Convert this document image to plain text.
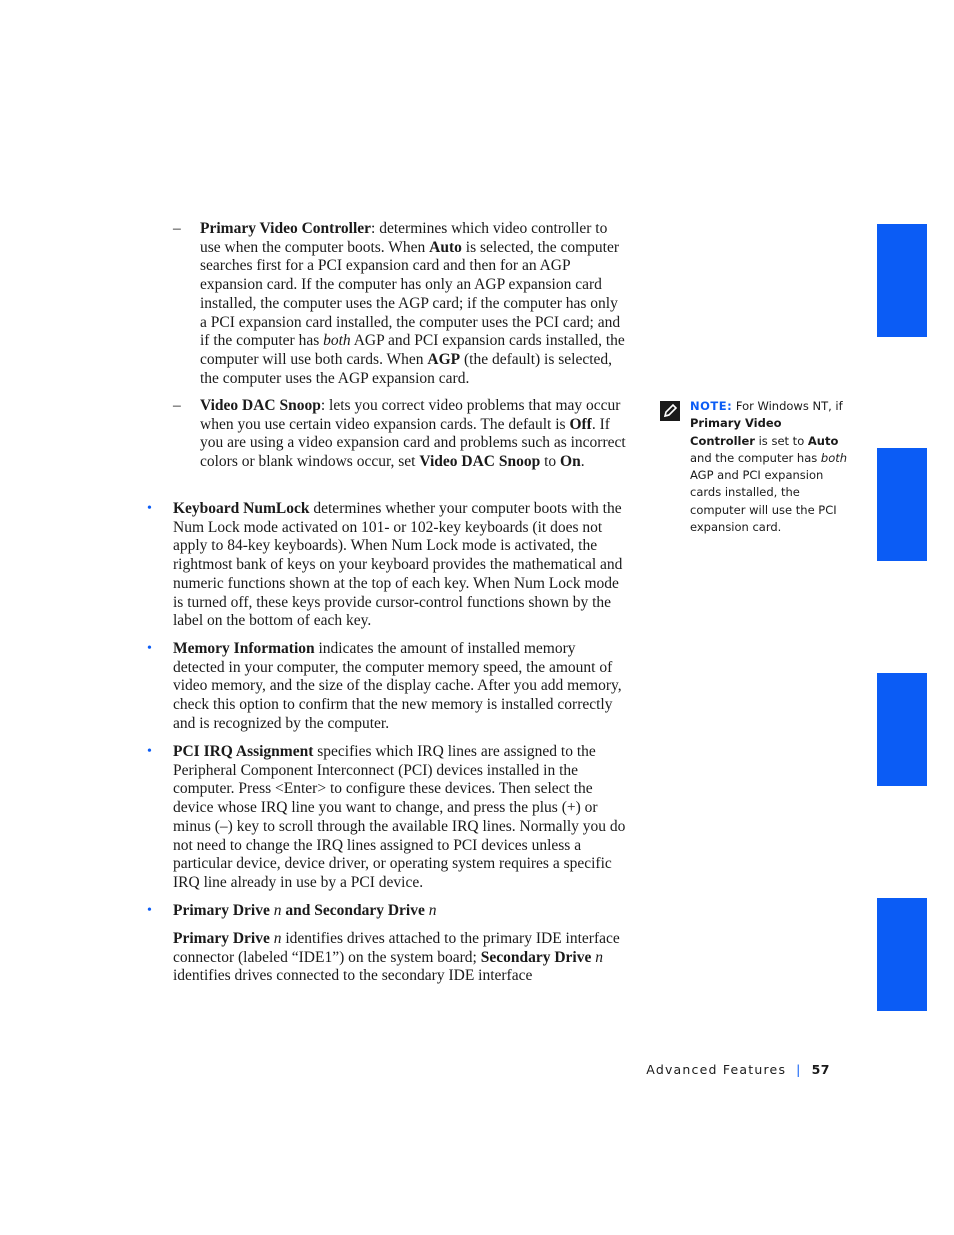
– Primary Video Controller: determines which video controller to use when the computer boots. When Auto is selected, the computer searches first for a PCI expansion card and then for an AGP expansion card. If the computer has only an AGP expansion card installed, the computer uses the AGP card; if the computer has only a PCI expansion card installed, the computer uses the PCI card; and if the computer has both AGP and PCI expansion cards installed, the computer will use both cards. When AGP (the default) is selected, the computer uses the AGP expansion card.
– Video DAC Snoop: lets you correct video problems that may occur when you use certain video expansion cards. The default is Off. If you are using a video expansion card and problems such as incorrect colors or blank windows occur, set Video DAC Snoop to On.
• Keyboard NumLock determines whether your computer boots with the Num Lock mode activated on 101- or 102-key keyboards (it does not apply to 84-key keyboards). When Num Lock mode is activated, the rightmost bank of keys on your keyboard provides the mathematical and numeric functions shown at the top of each key. When Num Lock mode is turned off, these keys provide cursor-control functions shown by the label on the bottom of each key.
• Memory Information indicates the amount of installed memory detected in your computer, the computer memory speed, the amount of video memory, and the size of the display cache. After you add memory, check this option to confirm that the new memory is installed correctly and is recognized by the computer.
• PCI IRQ Assignment specifies which IRQ lines are assigned to the Peripheral Component Interconnect (PCI) devices installed in the computer. Press <Enter> to configure these devices. Then select the device whose IRQ line you want to change, and press the plus (+) or minus (–) key to scroll through the available IRQ lines. Normally you do not need to change the IRQ lines assigned to PCI devices unless a particular device, device driver, or operating system requires a specific IRQ line already in use by a PCI device.
• Primary Drive n and Secondary Drive n
Primary Drive n identifies drives attached to the primary IDE interface connector (labeled “IDE1”) on the system board; Secondary Drive n identifies drives connected to the secondary IDE interface
NOTE: For Windows NT, if Primary Video Controller is set to Auto and the computer has both AGP and PCI expansion cards installed, the computer will use the PCI expansion card.
Advanced Features | 57
